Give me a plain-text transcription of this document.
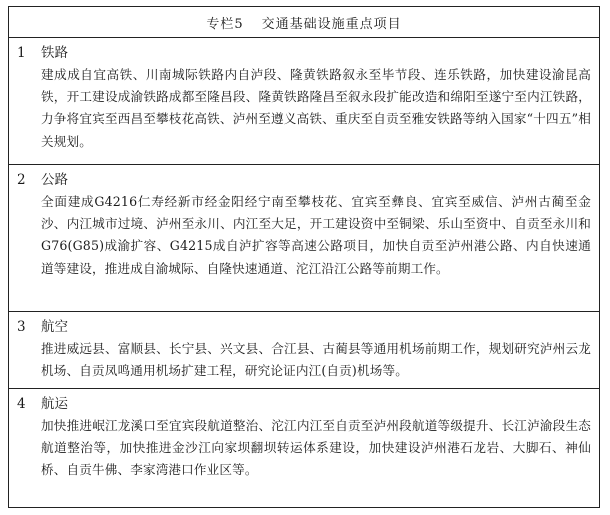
专栏5 交通基础设施重点项目
1	铁路
建成成自宜高铁、川南城际铁路内自泸段、隆黄铁路叙永至毕节段、连乐铁路，加快建设渝昆高铁，开工建设成渝铁路成都至隆昌段、隆黄铁路隆昌至叙永段扩能改造和绵阳至遂宁至内江铁路，力争将宜宾至西昌至攀枝花高铁、泸州至遵义高铁、重庆至自贡至雅安铁路等纳入国家“十四五”相关规划。
2	公路
全面建成G4216仁寿经新市经金阳经宁南至攀枝花、宜宾至彝良、宜宾至威信、泸州古蔺至金沙、内江城市过境、泸州至永川、内江至大足，开工建设资中至铜梁、乐山至资中、自贡至永川和G76(G85)成渝扩容、G4215成自泸扩容等高速公路项目，加快自贡至泸州港公路、内自快速通道等建设，推进成自渝城际、自隆快速通道、沱江沿江公路等前期工作。
3	航空
推进威远县、富顺县、长宁县、兴文县、合江县、古蔺县等通用机场前期工作，规划研究泸州云龙机场、自贡凤鸣通用机场扩建工程，研究论证内江(自贡)机场等。
4	航运
加快推进岷江龙溪口至宜宾段航道整治、沱江内江至自贡至泸州段航道等级提升、长江泸渝段生态航道整治等，加快推进金沙江向家坝翻坝转运体系建设，加快建设泸州港石龙岩、大脚石、神仙桥、自贡牛佛、李家湾港口作业区等。
